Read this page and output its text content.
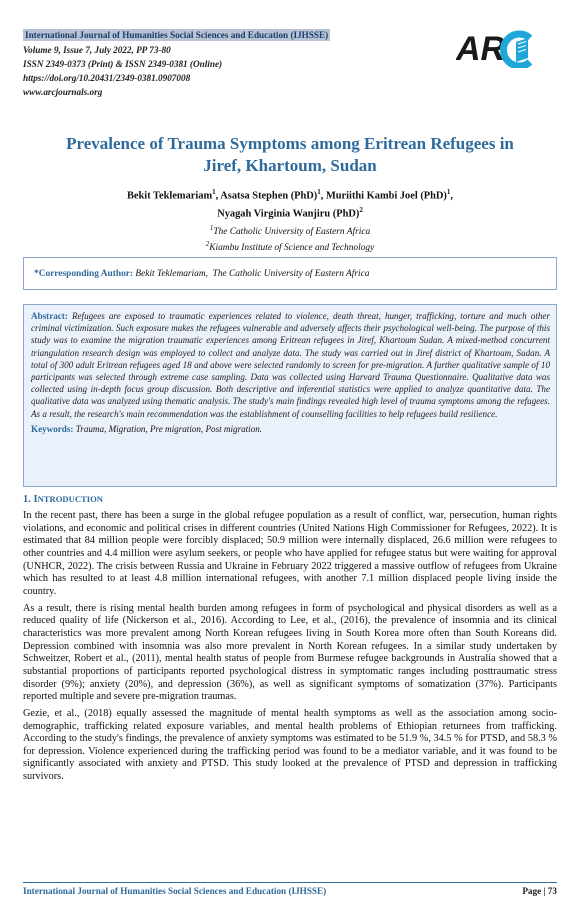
International Journal of Humanities Social Sciences and Education (IJHSSE)
Volume 9, Issue 7, July 2022, PP 73-80
ISSN 2349-0373 (Print) & ISSN 2349-0381 (Online)
https://doi.org/10.20431/2349-0381.0907008
www.arcjournals.org
AR
Prevalence of Trauma Symptoms among Eritrean Refugees in
Jiref, Khartoum, Sudan
Bekit Teklemariam$^1$, Asatsa Stephen (PhD)$^1$, Muriithi Kambi Joel (PhD)$^1$,
Nyagah Virginia Wanjiru (PhD)$^2$
$^1$The Catholic University of Eastern Africa
$^2$Kiambu Institute of Science and Technology
*Corresponding Author: Bekit Teklemariam,  The Catholic University of Eastern Africa

Abstract: Refugees are exposed to traumatic experiences related to violence, death threat, hunger, trafficking, torture and much other criminal victimization. Such exposure makes the refugees vulnerable and adversely affects their psychological well-being. The purpose of this study was to examine the migration traumatic experiences among Eritrean refugees in Jiref, Khartoum Sudan. A mixed-method concurrent triangulation research design was employed to collect and analyze data. The study was carried out in Jiref district of Khartoum, Sudan. A total of 300 adult Eritrean refugees aged 18 and above were selected randomly to screen for pre-migration. A further qualitative sample of 10 participants was selected through extreme case sampling. Data was collected using Harvard Trauma Questionnaire. Qualitative data was collected using in-depth focus group discussion. Both descriptive and inferential statistics were applied to analyze quantitative data. The qualitative data was analyzed using thematic analysis. The study's main findings revealed high level of trauma symptoms among the refugees. As a result, the research's main recommendation was the establishment of counselling facilities to help refugees build resilience.

Keywords: Trauma, Migration, Pre migration, Post migration.

1. INTRODUCTION

In the recent past, there has been a surge in the global refugee population as a result of conflict, war, persecution, human rights violations, and economic and political crises in different countries (United Nations High Commissioner for Refugees, 2022). It is estimated that 84 million people were forcibly displaced; 50.9 million were internally displaced, 26.6 million were refugees to other countries and 4.4 million were asylum seekers, or people who have applied for refugee status but were waiting for approval (UNHCR, 2022). The crisis between Russia and Ukraine in February 2022 triggered a massive outflow of refugees from Ukraine which has resulted to at least 4.8 million international refugees, with another 7.1 million displaced people living inside the country.

As a result, there is rising mental health burden among refugees in form of psychological and physical disorders as well as a reduced quality of life (Nickerson et al., 2016). According to Lee, et al., (2016), the prevalence of insomnia and its clinical characteristics was more prevalent among North Korean refugees living in South Korea more often than South Koreans did. Depression combined with insomnia was also more prevalent in North Korean refugees. In a similar study undertaken by Schweitzer, Robert et al., (2011), mental health status of people from Burmese refugee backgrounds in Australia showed that a substantial proportions of participants reported psychological distress in symptomatic ranges including posttraumatic stress disorder (9%); anxiety (20%), and depression (36%), as well as significant symptoms of somatization (37%). Participants reported multiple and severe pre-migration traumas.

Gezie, et al., (2018) equally assessed the magnitude of mental health symptoms as well as the association among socio-demographic, trafficking related exposure variables, and mental health problems of Ethiopian returnees from trafficking. According to the study's findings, the prevalence of anxiety symptoms was estimated to be 51.9 %, 34.5 % for PTSD, and 58.3 % for depression. Violence experienced during the trafficking period was found to be a mediator variable, and it was found to be significantly associated with anxiety and PTSD. This study looked at the prevalence of PTSD and depression in trafficking survivors.

International Journal of Humanities Social Sciences and Education (IJHSSE)	Page | 73
